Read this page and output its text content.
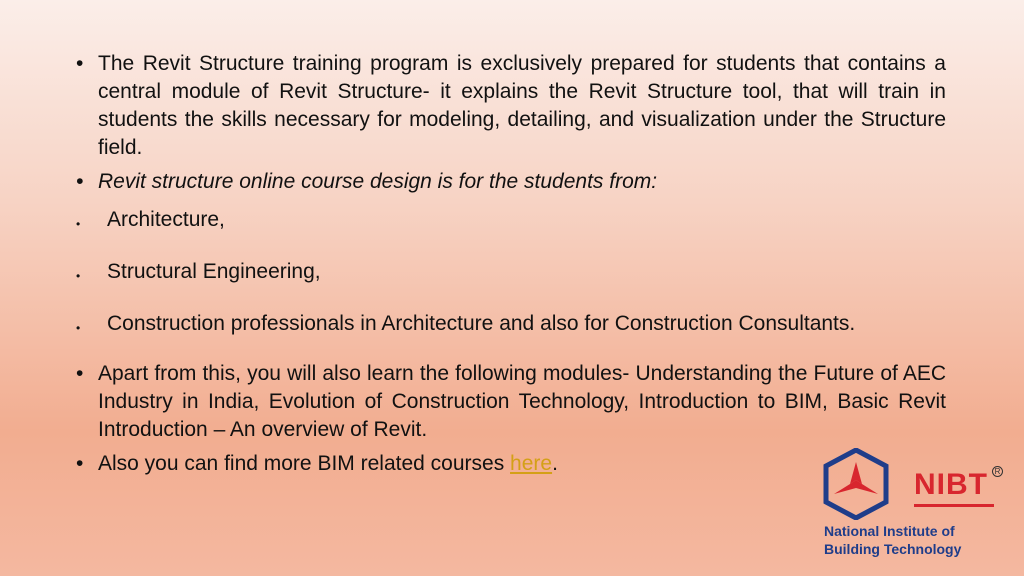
• The Revit Structure training program is exclusively prepared for students that contains a central module of Revit Structure- it explains the Revit Structure tool, that will train in students the skills necessary for modeling, detailing, and visualization under the Structure field.

• Revit structure online course design is for the students from:

• Architecture,

• Structural Engineering,

• Construction professionals in Architecture and also for Construction Consultants.

• Apart from this, you will also learn the following modules- Understanding the Future of AEC Industry in India, Evolution of Construction Technology, Introduction to BIM, Basic Revit Introduction – An overview of Revit.

• Also you can find more BIM related courses here.

NIBT R
National Institute of
Building Technology
